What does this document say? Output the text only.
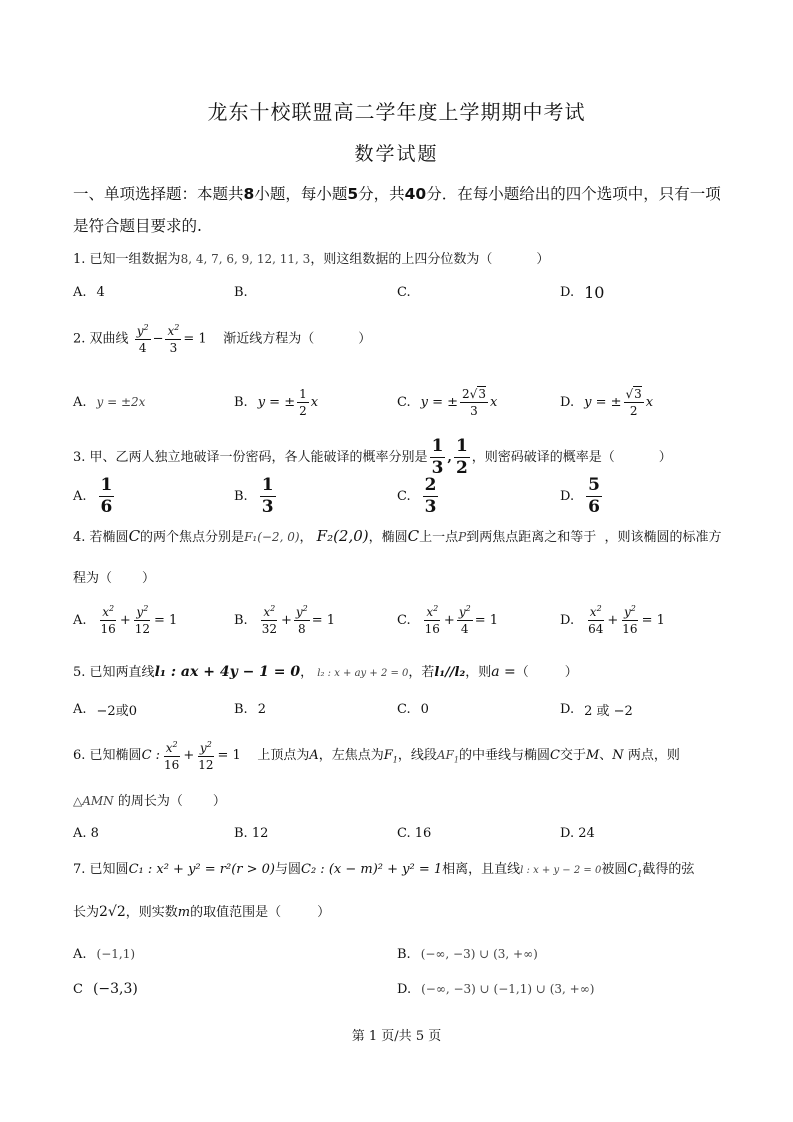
龙东十校联盟高二学年度上学期期中考试
数学试题
一、单项选择题：本题共8小题，每小题5分，共40分．在每小题给出的四个选项中，只有一项是符合题目要求的.
1. 已知一组数据为8, 4, 7, 6, 9, 12, 11, 3，则这组数据的上四分位数为（	）
A. 4	B.	C.	D. 10
2. 双曲线 $\frac{y^2}{4} - \frac{x^2}{3} = 1$ 渐近线方程为（	）
A. y = ±2x	B. y = ± $\frac{1}{2}$ x	C. y = ± $\frac{2√3}{3}$ x	D. y = ± $\frac{√3}{2}$ x
3. 甲、乙两人独立地破译一份密码，各人能破译的概率分别是 $\frac{1}{3}$ , $\frac{1}{2}$ ，则密码破译的概率是（	）
A. $\frac{1}{6}$	B. $\frac{1}{3}$	C. $\frac{2}{3}$	D. $\frac{5}{6}$
4. 若椭圆C的两个焦点分别是F₁(−2, 0)， F₂(2,0)，椭圆C上一点P到两焦点距离之和等于 ，则该椭圆的标准方程为（ ）
A. $\frac{x^2}{16} + \frac{y^2}{12} = 1$	B. $\frac{x^2}{32} + \frac{y^2}{8} = 1$	C. $\frac{x^2}{16} + \frac{y^2}{4} = 1$	D. $\frac{x^2}{64} + \frac{y^2}{16} = 1$
5. 已知两直线l₁ : ax + 4y − 1 = 0， l₂ : x + ay + 2 = 0，若l₁//l₂，则a =（	）
A. −2或0	B. 2	C. 0	D. 2 或 −2
6. 已知椭圆C : $\frac{x^2}{16} + \frac{y^2}{12} = 1$ 上顶点为A，左焦点为$F_1$，线段$AF_1$的中垂线与椭圆C交于M、N 两点，则
△AMN 的周长为（ ）
A.
8	B.
12	C.
16	D.
24
7. 已知圆C₁ : x² + y² = r²(r > 0)与圆C₂ : (x − m)² + y² = 1相离，且直线l : x + y − 2 = 0被圆$C_1$截得的弦
长为2√2，则实数m的取值范围是（	）
A. (−1,1)	B. (−∞, −3) ∪ (3, +∞)
C (−3,3)	D. (−∞, −3) ∪ (−1,1) ∪ (3, +∞)
第 1 页/共 5 页
